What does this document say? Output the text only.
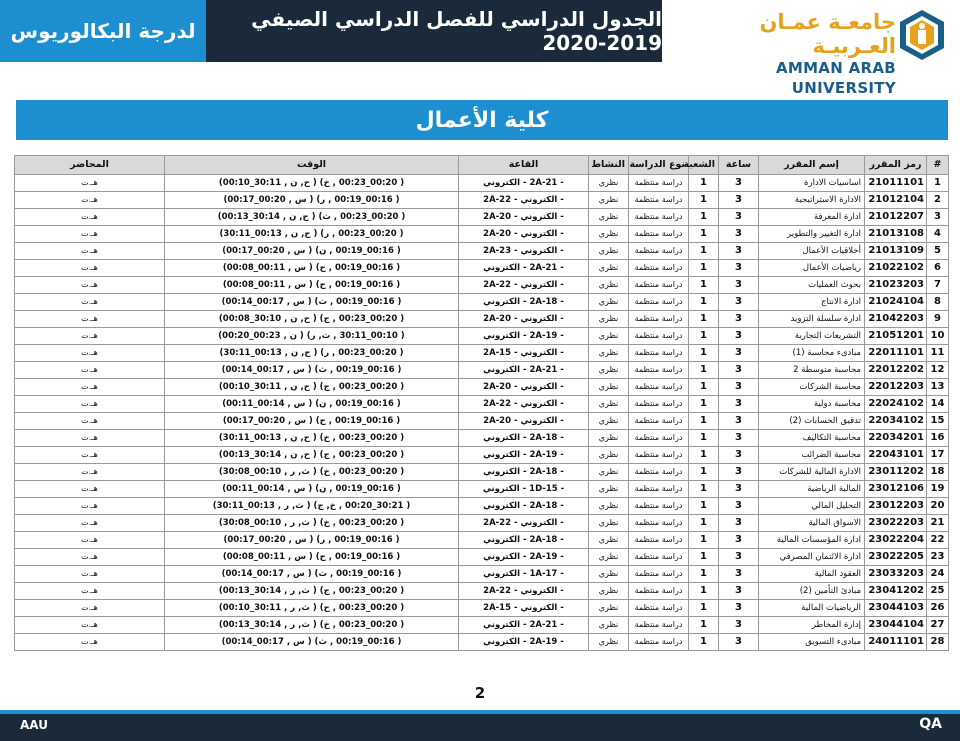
لدرجة البكالوريوس	الجدول الدراسي للفصل الدراسي الصيفي 2019-2020
جامعـة عمـان العـربيـة
AMMAN ARAB UNIVERSITY
كلية الأعمال
#	رمز المقرر	إسم المقرر	ساعة	الشعبة	نوع الدراسة	النشاط	القاعة	الوقت	المحاضر
1	21011101	اساسيات الادارة	3	1	دراسة منتظمة	نظري	- 2A-21 - الكتروني	(00:10_30:11 , ح, ن ) (00:20_00:23 , خ )	هـ.ت
2	21012104	الادارة الاستراتيجية	3	1	دراسة منتظمة	نظري	- الكتروني - 2A-22	(00:17_00:20 , س ) (00:16_00:19 , ر )	هـ.ت
3	21012207	ادارة المعرفة	3	1	دراسة منتظمة	نظري	- الكتروني - 2A-20	(00:13_30:14 , ح, ن ) (00:20_00:23 , ث )	هـ.ت
4	21013108	ادارة التغيير والتطوير	3	1	دراسة منتظمة	نظري	- الكتروني - 2A-20	(30:11_00:13 , ح, ن ) (00:20_00:23 , ر )	هـ.ت
5	21013109	أخلاقيات الأعمال	3	1	دراسة منتظمة	نظري	- الكتروني - 2A-23	(00:17_00:20 , س ) (00:16_00:19 , ن )	هـ.ت
6	21022102	رياضيات الأعمال	3	1	دراسة منتظمة	نظري	- 2A-21 - الكتروني	(00:08_00:11 , س ) (00:16_00:19 , ح )	هـ.ت
7	21023203	بحوث العمليات	3	1	دراسة منتظمة	نظري	- الكتروني - 2A-22	(00:08_00:11 , س ) (00:16_00:19 , ح )	هـ.ت
8	21024104	ادارة الانتاج	3	1	دراسة منتظمة	نظري	- 2A-18 - الكتروني	(00:14_00:17 , س ) (00:16_00:19 , ث )	هـ.ت
9	21042203	ادارة سلسلة التزويد	3	1	دراسة منتظمة	نظري	- الكتروني - 2A-20	(00:08_30:10 , ح, ن ) (00:20_00:23 , ج )	هـ.ت
10	21051201	التشريعات التجارية	3	1	دراسة منتظمة	نظري	- 2A-19 - الكتروني	(00:20_00:23 , ن ) (00:10_30:11 , ث, ر )	هـ.ت
11	22011101	مبادىء محاسبة (1)	3	1	دراسة منتظمة	نظري	- الكتروني - 2A-15	(30:11_00:13 , ح, ن ) (00:20_00:23 , ر )	هـ.ت
12	22012202	محاسبة متوسطة 2	3	1	دراسة منتظمة	نظري	- 2A-21 - الكتروني	(00:14_00:17 , س ) (00:16_00:19 , ث )	هـ.ت
13	22012203	محاسبة الشركات	3	1	دراسة منتظمة	نظري	- الكتروني - 2A-20	(00:10_30:11 , ح, ن ) (00:20_00:23 , ج )	هـ.ت
14	22024102	محاسبة دولية	3	1	دراسة منتظمة	نظري	- الكتروني - 2A-22	(00:11_00:14 , س ) (00:16_00:19 , ن )	هـ.ت
15	22034102	تدقيق الحسابات (2)	3	1	دراسة منتظمة	نظري	- الكتروني - 2A-20	(00:17_00:20 , س ) (00:16_00:19 , ح )	هـ.ت
16	22034201	محاسبة التكاليف	3	1	دراسة منتظمة	نظري	- 2A-18 - الكتروني	(30:11_00:13 , ح, ن ) (00:20_00:23 , خ )	هـ.ت
17	22043101	محاسبة الضرائب	3	1	دراسة منتظمة	نظري	- 2A-19 - الكتروني	(00:13_30:14 , ح, ن ) (00:20_00:23 , ج )	هـ.ت
18	23011202	الادارة المالية للشركات	3	1	دراسة منتظمة	نظري	- 2A-18 - الكتروني	(30:08_00:10 , ث, ر ) (00:20_00:23 , خ )	هـ.ت
19	23012106	المالية الرياضية	3	1	دراسة منتظمة	نظري	- 1D-15 - الكتروني	(00:11_00:14 , س ) (00:16_00:19 , ن )	هـ.ت
20	23012203	التحليل المالي	3	1	دراسة منتظمة	نظري	- 2A-18 - الكتروني	(30:11_00:13 , ث, ر ) (30:21_00:20 , خ, ج )	هـ.ت
21	23022203	الاسواق المالية	3	1	دراسة منتظمة	نظري	- الكتروني - 2A-22	(30:08_00:10 , ث, ر ) (00:20_00:23 , خ )	هـ.ت
22	23022204	ادارة المؤسسات المالية	3	1	دراسة منتظمة	نظري	- 2A-18 - الكتروني	(00:17_00:20 , س ) (00:16_00:19 , ر )	هـ.ت
23	23022205	ادارة الائتمان المصرفي	3	1	دراسة منتظمة	نظري	- 2A-19 - الكتروني	(00:08_00:11 , س ) (00:16_00:19 , ح )	هـ.ت
24	23033203	العقود المالية	3	1	دراسة منتظمة	نظري	- 1A-17 - الكتروني	(00:14_00:17 , س ) (00:16_00:19 , ث )	هـ.ت
25	23041202	مبادئ التأمين (2)	3	1	دراسة منتظمة	نظري	- الكتروني - 2A-22	(00:13_30:14 , ث, ر ) (00:20_00:23 , ج )	هـ.ت
26	23044103	الرياضيات المالية	3	1	دراسة منتظمة	نظري	- الكتروني - 2A-15	(00:10_30:11 , ث, ر ) (00:20_00:23 , ح )	هـ.ت
27	23044104	إدارة المخاطر	3	1	دراسة منتظمة	نظري	- 2A-21 - الكتروني	(00:13_30:14 , ث, ر ) (00:20_00:23 , خ )	هـ.ت
28	24011101	مبادىء التسويق	3	1	دراسة منتظمة	نظري	- 2A-19 - الكتروني	(00:14_00:17 , س ) (00:16_00:19 , ث )	هـ.ت
2
AAU	QA
